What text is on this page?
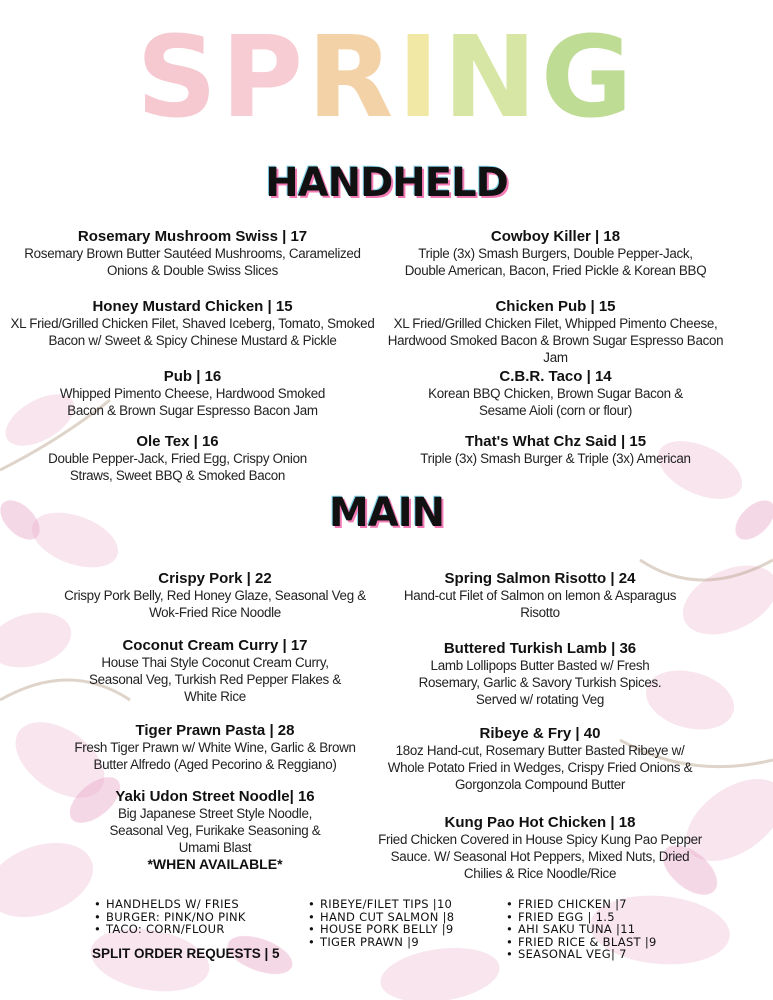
SPRING
HANDHELD
Rosemary Mushroom Swiss | 17
Rosemary Brown Butter Sautéed Mushrooms, Caramelized
Onions & Double Swiss Slices
Cowboy Killer | 18
Triple (3x) Smash Burgers, Double Pepper-Jack,
Double American, Bacon, Fried Pickle & Korean BBQ
Honey Mustard Chicken | 15
XL Fried/Grilled Chicken Filet, Shaved Iceberg, Tomato, Smoked
Bacon w/ Sweet & Spicy Chinese Mustard & Pickle
Chicken Pub | 15
XL Fried/Grilled Chicken Filet, Whipped Pimento Cheese,
Hardwood Smoked Bacon & Brown Sugar Espresso Bacon Jam
Pub | 16
Whipped Pimento Cheese, Hardwood Smoked
Bacon & Brown Sugar Espresso Bacon Jam
C.B.R. Taco | 14
Korean BBQ Chicken, Brown Sugar Bacon &
Sesame Aioli (corn or flour)
Ole Tex | 16
Double Pepper-Jack, Fried Egg, Crispy Onion
Straws, Sweet BBQ & Smoked Bacon
That's What Chz Said | 15
Triple (3x) Smash Burger & Triple (3x) American
MAIN
Crispy Pork | 22
Crispy Pork Belly, Red Honey Glaze, Seasonal Veg &
Wok-Fried Rice Noodle
Spring Salmon Risotto | 24
Hand-cut Filet of Salmon on lemon & Asparagus
Risotto
Coconut Cream Curry | 17
House Thai Style Coconut Cream Curry,
Seasonal Veg, Turkish Red Pepper Flakes &
White Rice
Buttered Turkish Lamb | 36
Lamb Lollipops Butter Basted w/ Fresh
Rosemary, Garlic & Savory Turkish Spices.
Served w/ rotating Veg
Tiger Prawn Pasta | 28
Fresh Tiger Prawn w/ White Wine, Garlic & Brown
Butter Alfredo (Aged Pecorino & Reggiano)
Ribeye & Fry | 40
18oz Hand-cut, Rosemary Butter Basted Ribeye w/
Whole Potato Fried in Wedges, Crispy Fried Onions &
Gorgonzola Compound Butter
Yaki Udon Street Noodle| 16
Big Japanese Street Style Noodle,
Seasonal Veg, Furikake Seasoning &
Umami Blast
*WHEN AVAILABLE*
Kung Pao Hot Chicken | 18
Fried Chicken Covered in House Spicy Kung Pao Pepper
Sauce. W/ Seasonal Hot Peppers, Mixed Nuts, Dried
Chilies & Rice Noodle/Rice
• HANDHELDS W/ FRIES
• BURGER: PINK/NO PINK
• TACO: CORN/FLOUR
• RIBEYE/FILET TIPS |10
• HAND CUT SALMON |8
• HOUSE PORK BELLY |9
• TIGER PRAWN |9
• FRIED CHICKEN |7
• FRIED EGG | 1.5
• AHI SAKU TUNA |11
• FRIED RICE & BLAST |9
• SEASONAL VEG| 7
SPLIT ORDER REQUESTS | 5
